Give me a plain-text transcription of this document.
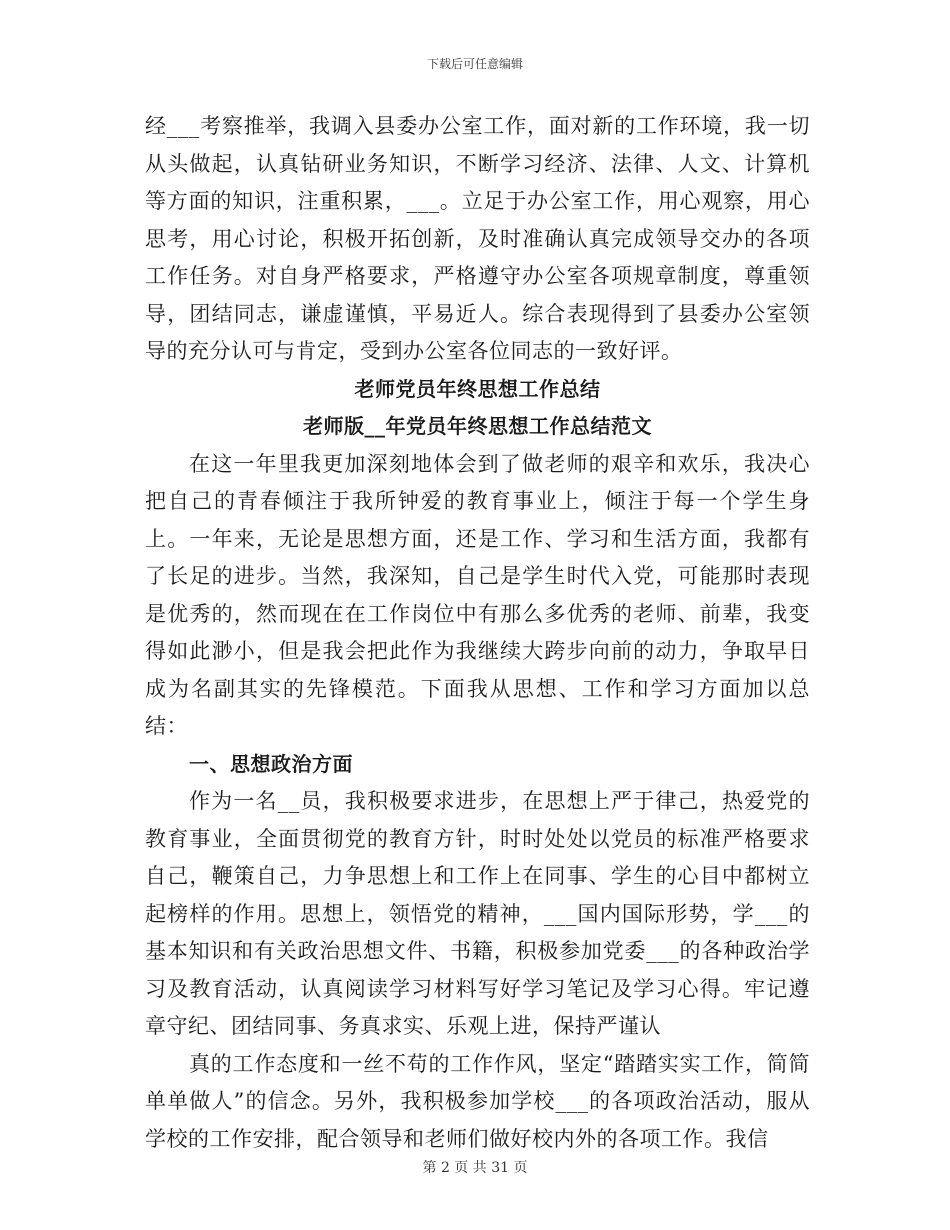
下载后可任意编辑

经___考察推举，我调入县委办公室工作，面对新的工作环境，我一切从头做起，认真钻研业务知识，不断学习经济、法律、人文、计算机等方面的知识，注重积累，___。立足于办公室工作，用心观察，用心思考，用心讨论，积极开拓创新，及时准确认真完成领导交办的各项工作任务。对自身严格要求，严格遵守办公室各项规章制度，尊重领导，团结同志，谦虚谨慎，平易近人。综合表现得到了县委办公室领导的充分认可与肯定，受到办公室各位同志的一致好评。

老师党员年终思想工作总结

老师版__年党员年终思想工作总结范文

在这一年里我更加深刻地体会到了做老师的艰辛和欢乐，我决心把自己的青春倾注于我所钟爱的教育事业上，倾注于每一个学生身上。一年来，无论是思想方面，还是工作、学习和生活方面，我都有了长足的进步。当然，我深知，自己是学生时代入党，可能那时表现是优秀的，然而现在在工作岗位中有那么多优秀的老师、前辈，我变得如此渺小，但是我会把此作为我继续大跨步向前的动力，争取早日成为名副其实的先锋模范。下面我从思想、工作和学习方面加以总结：

一、思想政治方面

作为一名__员，我积极要求进步，在思想上严于律己，热爱党的教育事业，全面贯彻党的教育方针，时时处处以党员的标准严格要求自己，鞭策自己，力争思想上和工作上在同事、学生的心目中都树立起榜样的作用。思想上，领悟党的精神，___国内国际形势，学___的基本知识和有关政治思想文件、书籍，积极参加党委___的各种政治学习及教育活动，认真阅读学习材料写好学习笔记及学习心得。牢记遵章守纪、团结同事、务真求实、乐观上进，保持严谨认

真的工作态度和一丝不苟的工作作风，坚定“踏踏实实工作，简简单单做人”的信念。另外，我积极参加学校___的各项政治活动，服从学校的工作安排，配合领导和老师们做好校内外的各项工作。我信

第 2 页 共 31 页
